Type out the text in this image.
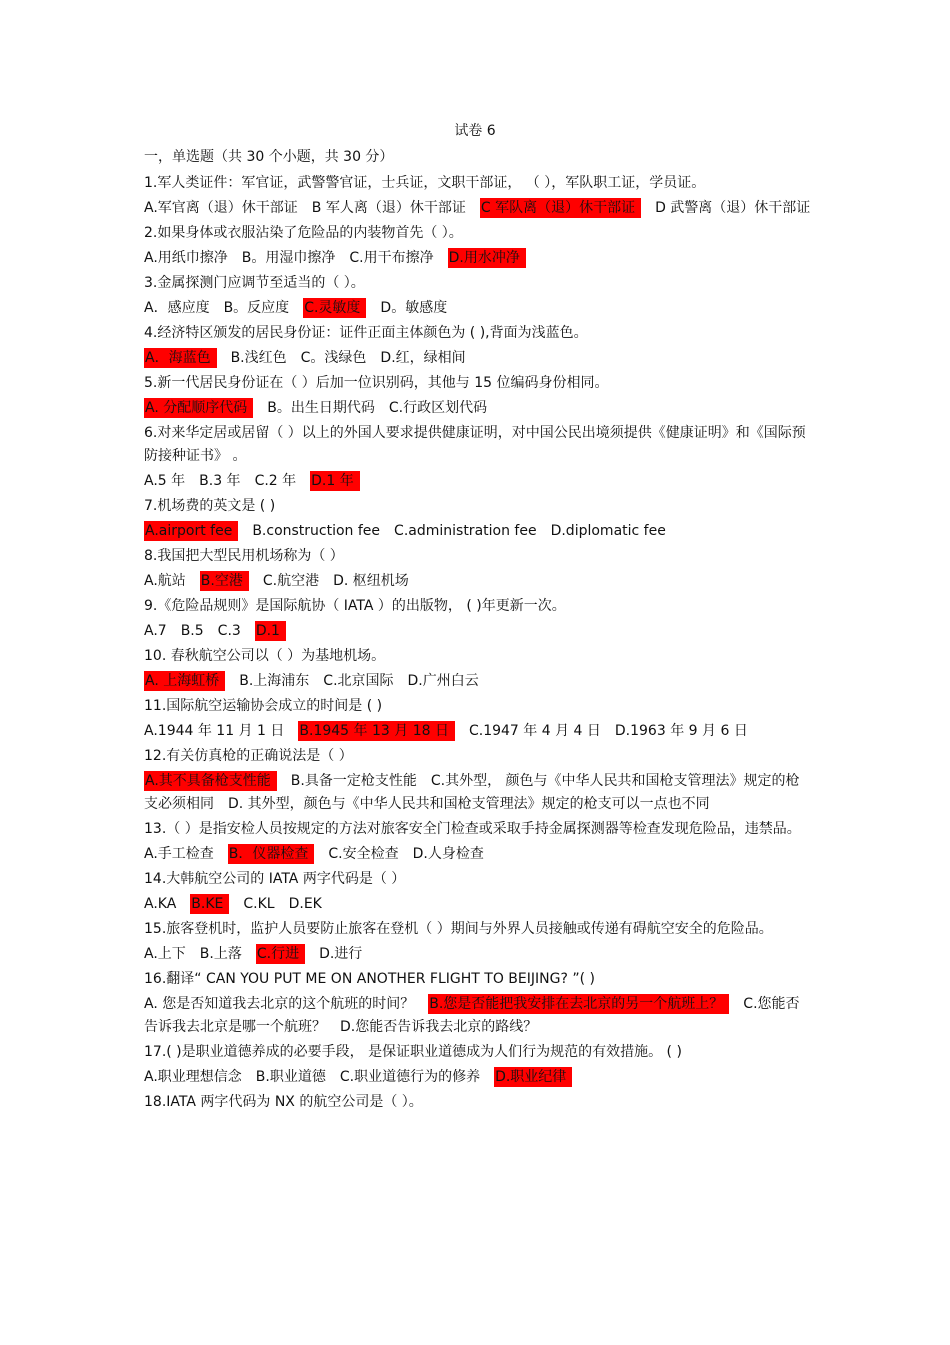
试卷 6
一，单选题（共 30 个小题，共 30 分）
1.军人类证件：军官证，武警警官证，士兵证，文职干部证， （ ），军队职工证，学员证。
A.军官离（退）休干部证 B 军人离（退）休干部证 C 军队离（退）休干部证 D 武警离（退）休干部证
2.如果身体或衣服沾染了危险品的内装物首先（ ）。
A.用纸巾擦净 B。用湿巾擦净 C.用干布擦净 D.用水冲净
3.金属探测门应调节至适当的（ ）。
A．感应度 B。反应度 C.灵敏度 D。敏感度
4.经济特区颁发的居民身份证：证件正面主体颜色为 ( ),背面为浅蓝色。
A．海蓝色 B.浅红色 C。浅绿色 D.红，绿相间
5.新一代居民身份证在（ ）后加一位识别码，其他与 15 位编码身份相同。
A. 分配顺序代码 B。出生日期代码 C.行政区划代码
6.对来华定居或居留（ ）以上的外国人要求提供健康证明，对中国公民出境须提供《健康证明》和《国际预防接种证书》 。
A.5 年 B.3 年 C.2 年 D.1 年
7.机场费的英文是 ( )
A.airport fee B.construction fee C.administration fee D.diplomatic fee
8.我国把大型民用机场称为（ ）
A.航站 B.空港 C.航空港 D. 枢纽机场
9.《危险品规则》是国际航协（ IATA ）的出版物， ( )年更新一次。
A.7 B.5 C.3 D.1
10. 春秋航空公司以（ ）为基地机场。
A. 上海虹桥 B.上海浦东 C.北京国际 D.广州白云
11.国际航空运输协会成立的时间是 ( )
A.1944 年 11 月 1 日 B.1945 年 13 月 18 日 C.1947 年 4 月 4 日 D.1963 年 9 月 6 日
12.有关仿真枪的正确说法是（ ）
A.其不具备枪支性能 B.具备一定枪支性能 C.其外型， 颜色与《中华人民共和国枪支管理法》规定的枪支必须相同 D. 其外型，颜色与《中华人民共和国枪支管理法》规定的枪支可以一点也不同
13.（ ）是指安检人员按规定的方法对旅客安全门检查或采取手持金属探测器等检查发现危险品，违禁品。
A.手工检查 B．仪器检查 C.安全检查 D.人身检查
14.大韩航空公司的 IATA 两字代码是（ ）
A.KA B.KE C.KL D.EK
15.旅客登机时，监护人员要防止旅客在登机（ ）期间与外界人员接触或传递有碍航空安全的危险品。
A.上下 B.上落 C.行进 D.进行
16.翻译“ CAN YOU PUT ME ON ANOTHER FLIGHT TO BEIJING? ”( )
A. 您是否知道我去北京的这个航班的时间？ B.您是否能把我安排在去北京的另一个航班上？ C.您能否告诉我去北京是哪一个航班？ D.您能否告诉我去北京的路线？
17.( )是职业道德养成的必要手段， 是保证职业道德成为人们行为规范的有效措施。 ( )
A.职业理想信念 B.职业道德 C.职业道德行为的修养 D.职业纪律
18.IATA 两字代码为 NX 的航空公司是（ ）。
